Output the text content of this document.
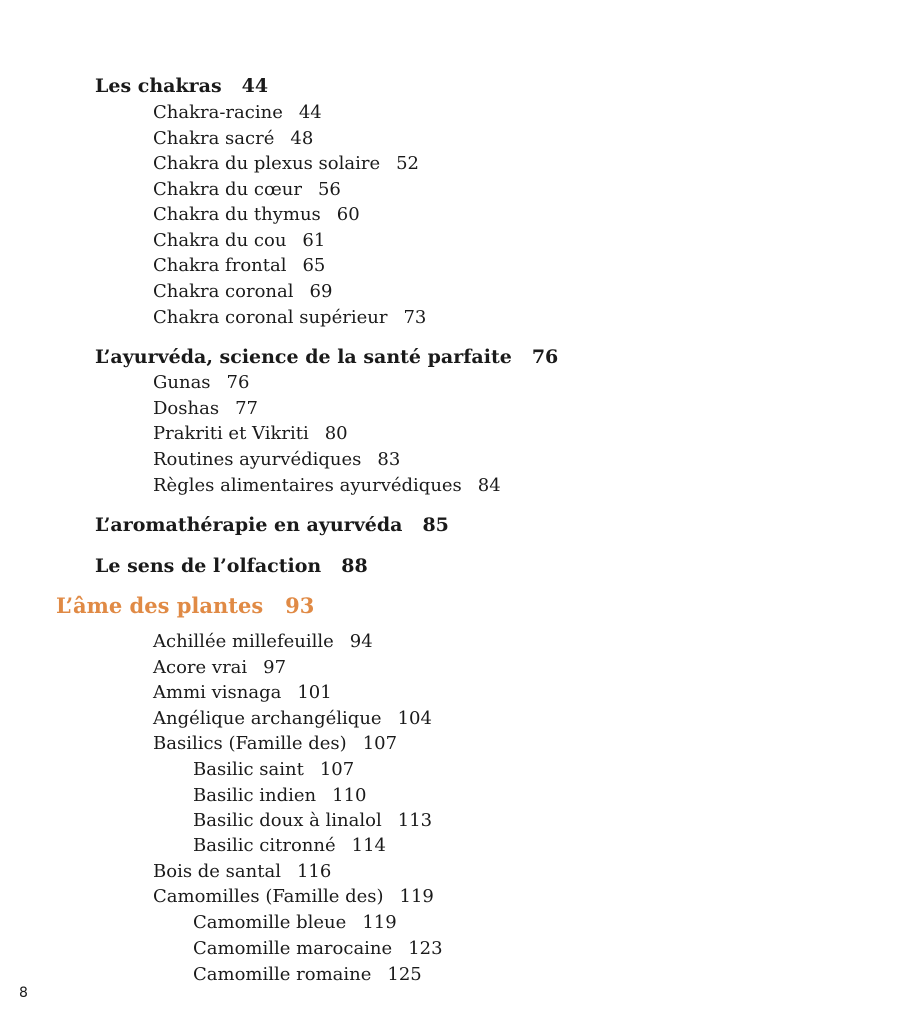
Les chakras 44
Chakra-racine 44
Chakra sacré 48
Chakra du plexus solaire 52
Chakra du cœur 56
Chakra du thymus 60
Chakra du cou 61
Chakra frontal 65
Chakra coronal 69
Chakra coronal supérieur 73
L’ayurvéda, science de la santé parfaite 76
Gunas 76
Doshas 77
Prakriti et Vikriti 80
Routines ayurvédiques 83
Règles alimentaires ayurvédiques 84
L’aromathérapie en ayurvéda 85
Le sens de l’olfaction 88
L’âme des plantes 93
Achillée millefeuille 94
Acore vrai 97
Ammi visnaga 101
Angélique archangélique 104
Basilics (Famille des) 107
Basilic saint 107
Basilic indien 110
Basilic doux à linalol 113
Basilic citronné 114
Bois de santal 116
Camomilles (Famille des) 119
Camomille bleue 119
Camomille marocaine 123
Camomille romaine 125
8
